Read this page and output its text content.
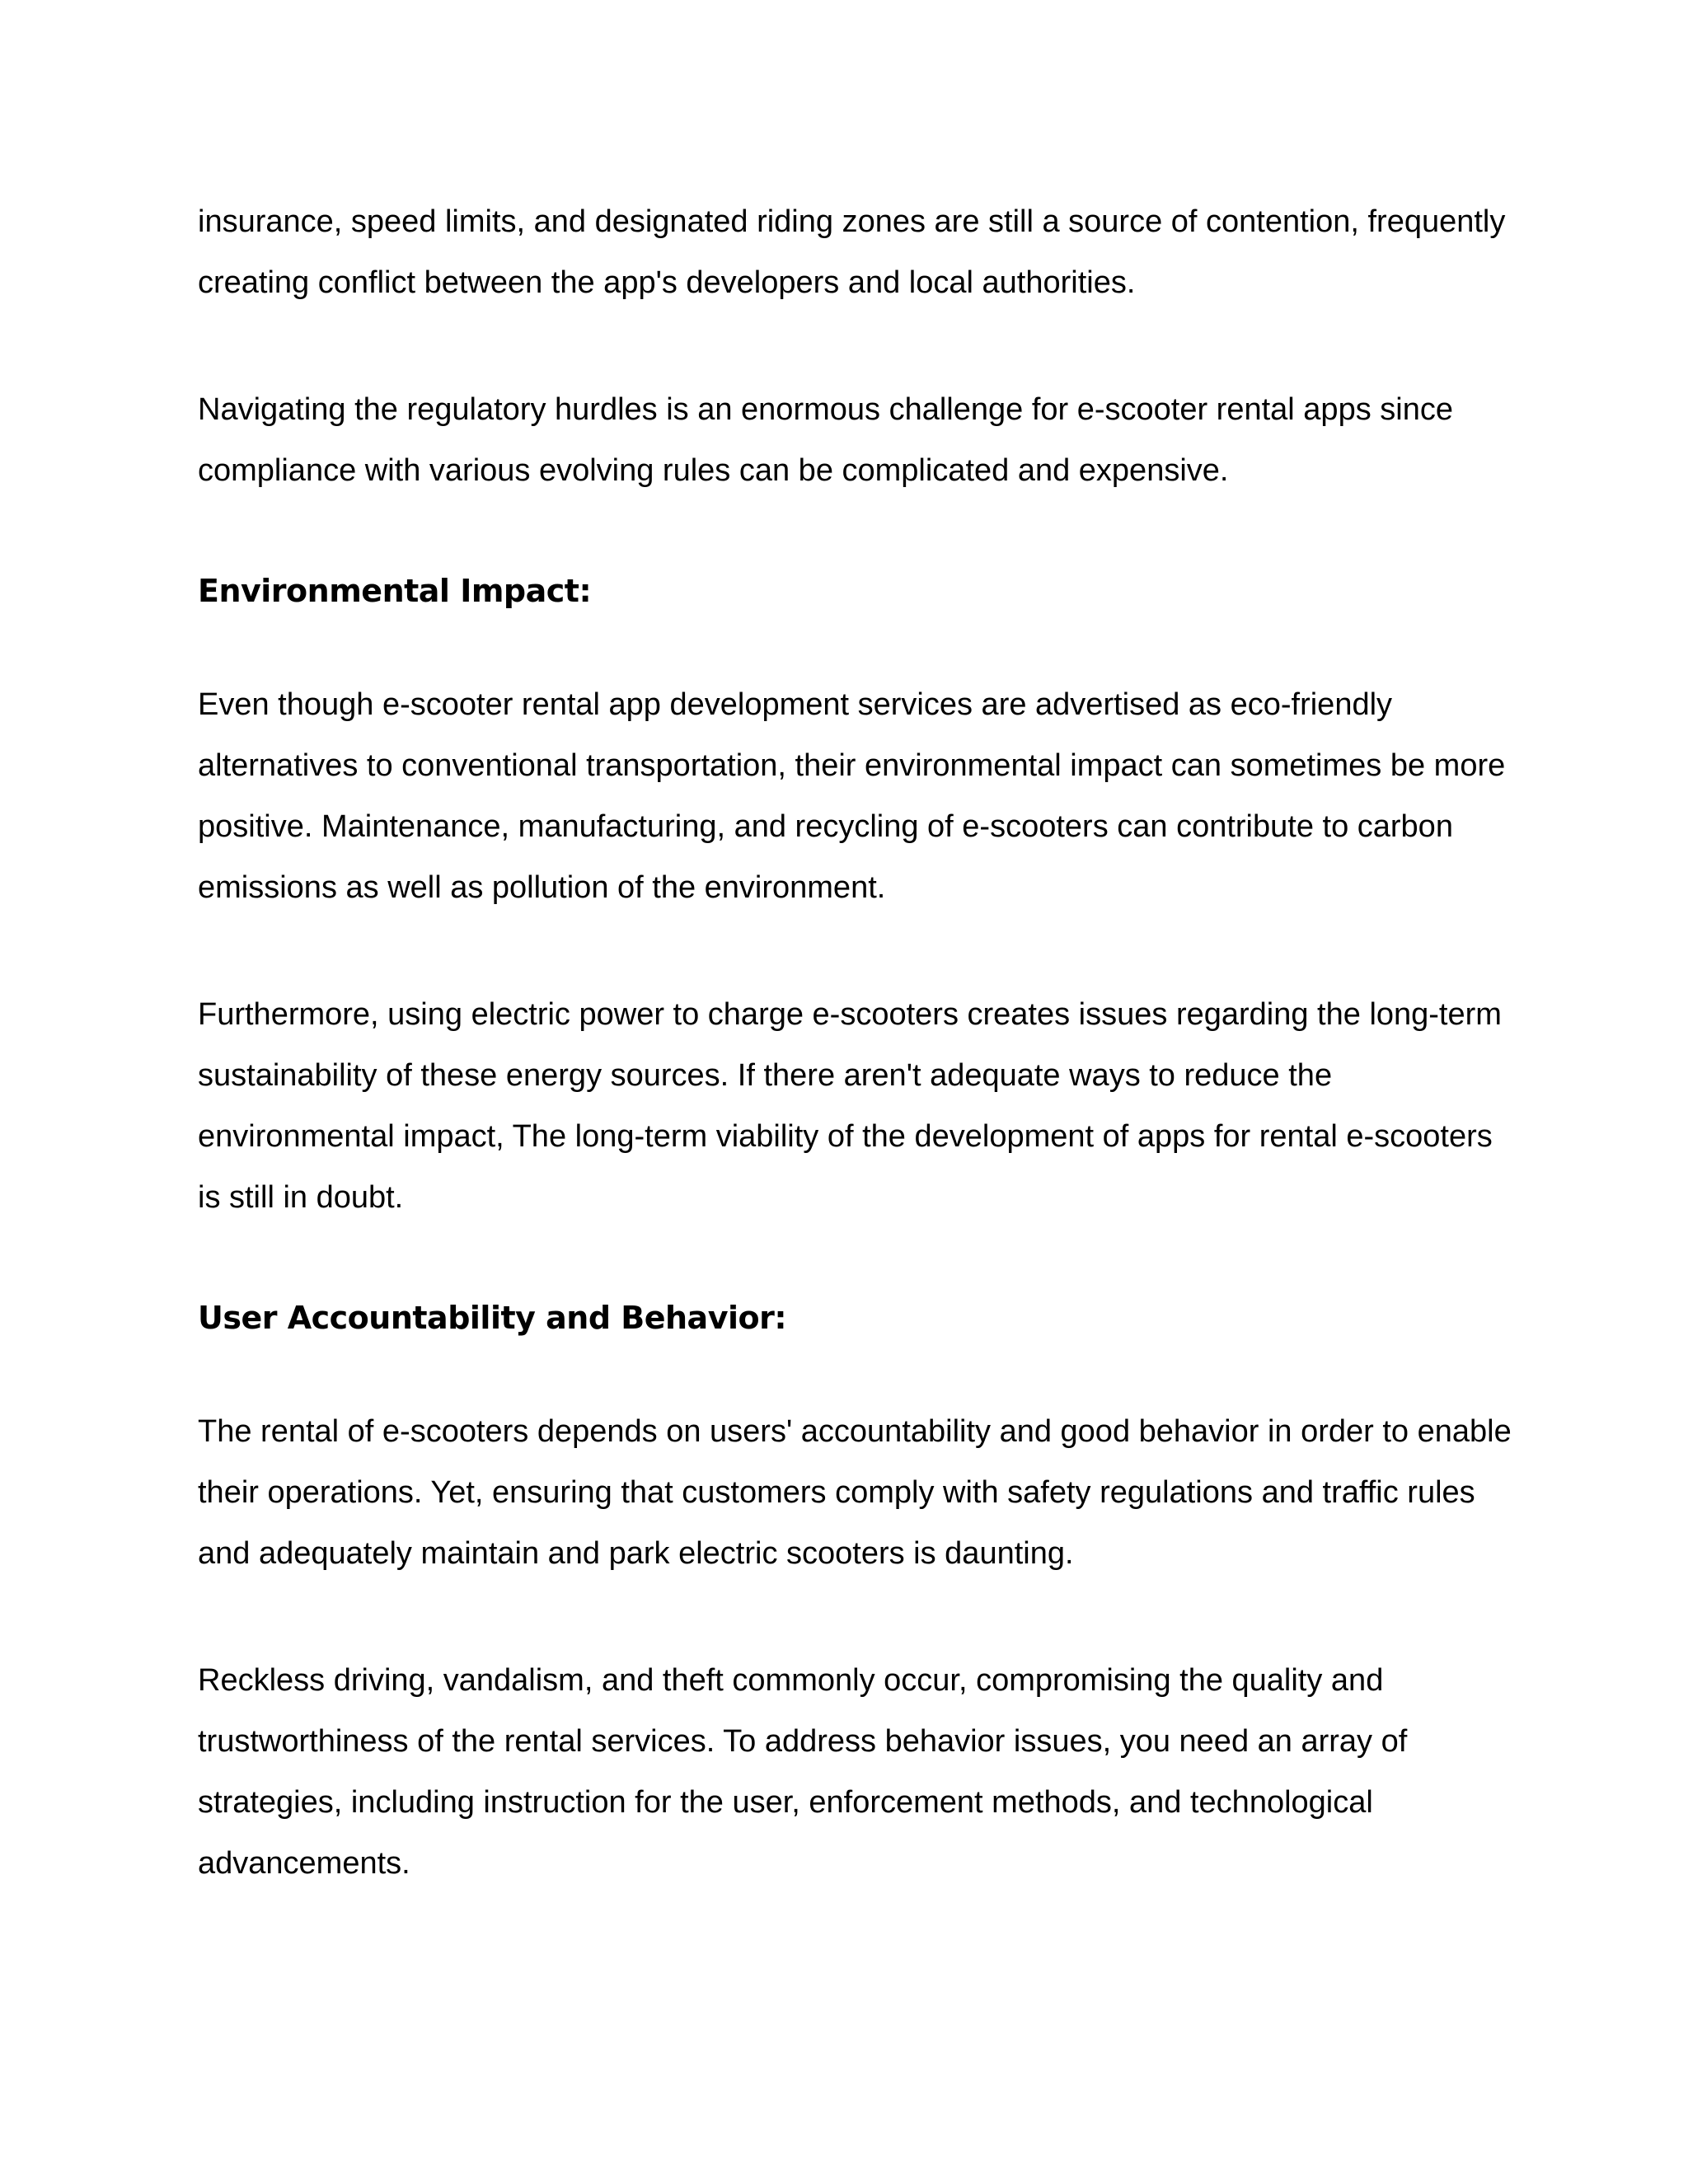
insurance, speed limits, and designated riding zones are still a source of contention, frequently creating conflict between the app's developers and local authorities.

Navigating the regulatory hurdles is an enormous challenge for e-scooter rental apps since compliance with various evolving rules can be complicated and expensive.

Environmental Impact:

Even though e-scooter rental app development services are advertised as eco-friendly alternatives to conventional transportation, their environmental impact can sometimes be more positive. Maintenance, manufacturing, and recycling of e-scooters can contribute to carbon emissions as well as pollution of the environment.

Furthermore, using electric power to charge e-scooters creates issues regarding the long-term sustainability of these energy sources. If there aren't adequate ways to reduce the environmental impact, The long-term viability of the development of apps for rental e-scooters is still in doubt.

User Accountability and Behavior:

The rental of e-scooters depends on users' accountability and good behavior in order to enable their operations. Yet, ensuring that customers comply with safety regulations and traffic rules and adequately maintain and park electric scooters is daunting.

Reckless driving, vandalism, and theft commonly occur, compromising the quality and trustworthiness of the rental services. To address behavior issues, you need an array of strategies, including instruction for the user, enforcement methods, and technological advancements.
